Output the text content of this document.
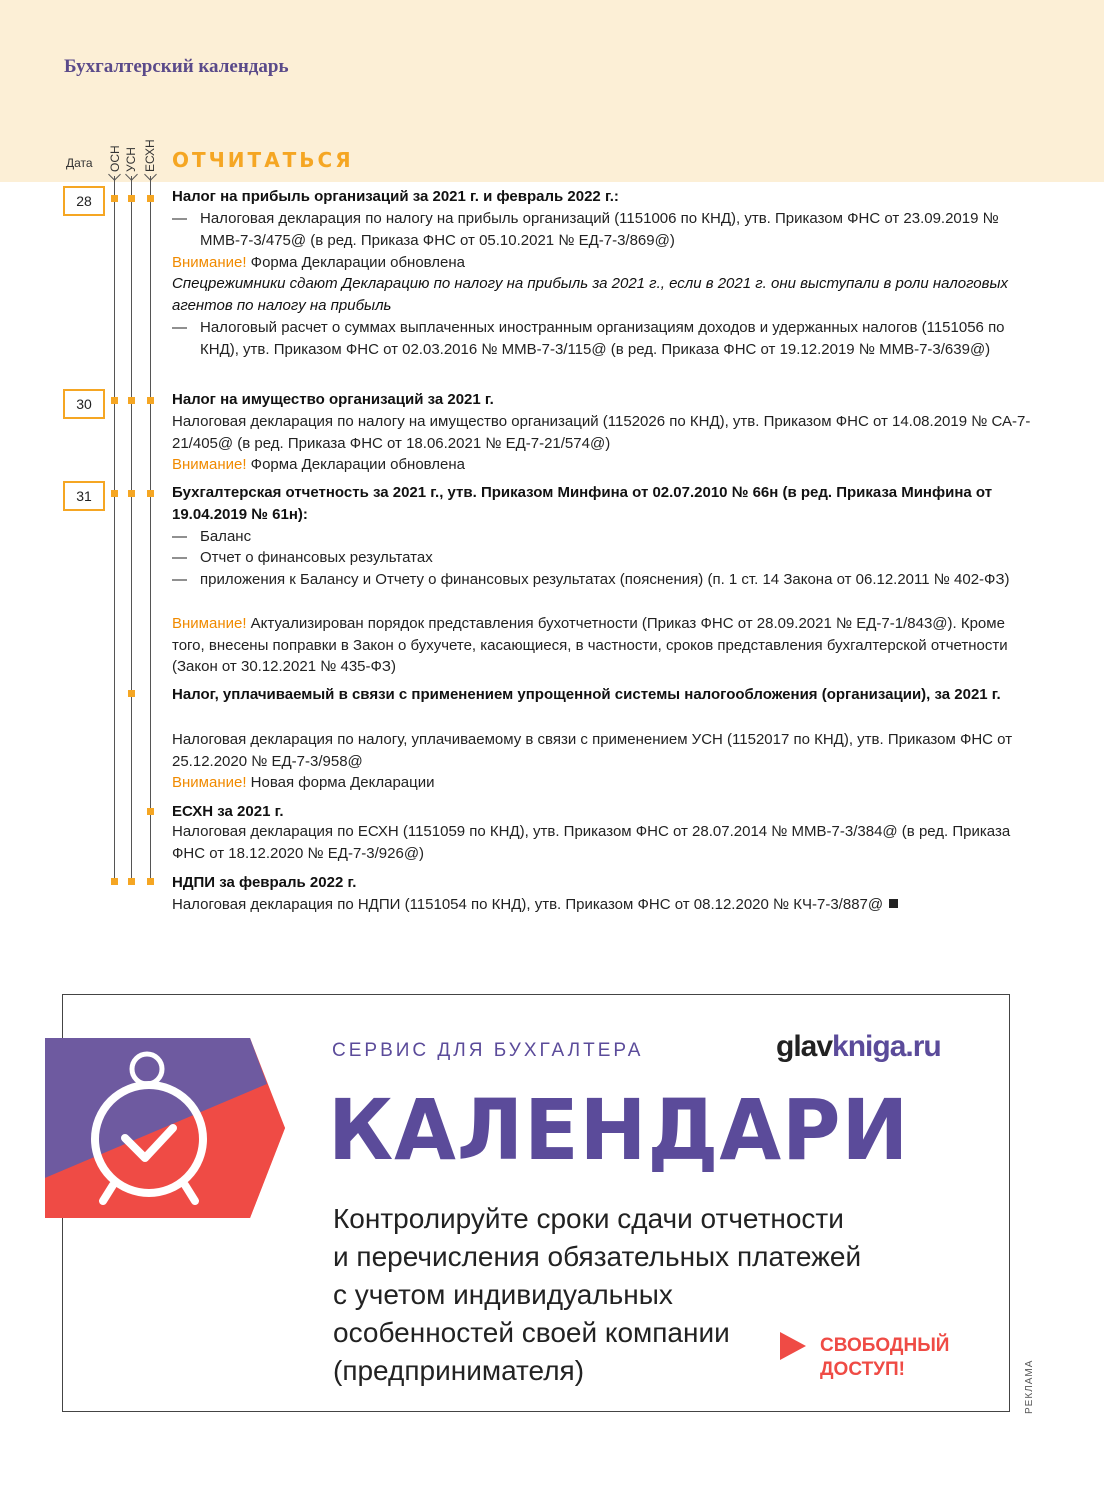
Бухгалтерский календарь
Дата ОСН УСН ЕСХН ОТЧИТАТЬСЯ
28
30
31
Налог на прибыль организаций за 2021 г. и февраль 2022 г.:
— Налоговая декларация по налогу на прибыль организаций (1151006 по КНД), утв. Приказом ФНС от 23.09.2019 № ММВ-7-3/475@ (в ред. Приказа ФНС от 05.10.2021 № ЕД-7-3/869@)
Внимание! Форма Декларации обновлена
Спецрежимники сдают Декларацию по налогу на прибыль за 2021 г., если в 2021 г. они выступали в роли налоговых агентов по налогу на прибыль
— Налоговый расчет о суммах выплаченных иностранным организациям доходов и удержанных налогов (1151056 по КНД), утв. Приказом ФНС от 02.03.2016 № ММВ-7-3/115@ (в ред. Приказа ФНС от 19.12.2019 № ММВ-7-3/639@)
Налог на имущество организаций за 2021 г.
Налоговая декларация по налогу на имущество организаций (1152026 по КНД), утв. Приказом ФНС от 14.08.2019 № СА-7-21/405@ (в ред. Приказа ФНС от 18.06.2021 № ЕД-7-21/574@)
Внимание! Форма Декларации обновлена
Бухгалтерская отчетность за 2021 г., утв. Приказом Минфина от 02.07.2010 № 66н (в ред. Приказа Минфина от 19.04.2019 № 61н):
— Баланс
— Отчет о финансовых результатах
— приложения к Балансу и Отчету о финансовых результатах (пояснения) (п. 1 ст. 14 Закона от 06.12.2011 № 402-ФЗ)
Внимание! Актуализирован порядок представления бухотчетности (Приказ ФНС от 28.09.2021 № ЕД-7-1/843@). Кроме того, внесены поправки в Закон о бухучете, касающиеся, в частности, сроков представления бухгалтерской отчетности (Закон от 30.12.2021 № 435-ФЗ)
Налог, уплачиваемый в связи с применением упрощенной системы налогообложения (организации), за 2021 г.
Налоговая декларация по налогу, уплачиваемому в связи с применением УСН (1152017 по КНД), утв. Приказом ФНС от 25.12.2020 № ЕД-7-3/958@
Внимание! Новая форма Декларации
ЕСХН за 2021 г.
Налоговая декларация по ЕСХН (1151059 по КНД), утв. Приказом ФНС от 28.07.2014 № ММВ-7-3/384@ (в ред. Приказа ФНС от 18.12.2020 № ЕД-7-3/926@)
НДПИ за февраль 2022 г.
Налоговая декларация по НДПИ (1151054 по КНД), утв. Приказом ФНС от 08.12.2020 № КЧ-7-3/887@
СЕРВИС ДЛЯ БУХГАЛТЕРА	glavkniga.ru
КАЛЕНДАРИ
Контролируйте сроки сдачи отчетности
и перечисления обязательных платежей
с учетом индивидуальных
особенностей своей компании
(предпринимателя)
СВОБОДНЫЙ
ДОСТУП!	РЕКЛАМА
